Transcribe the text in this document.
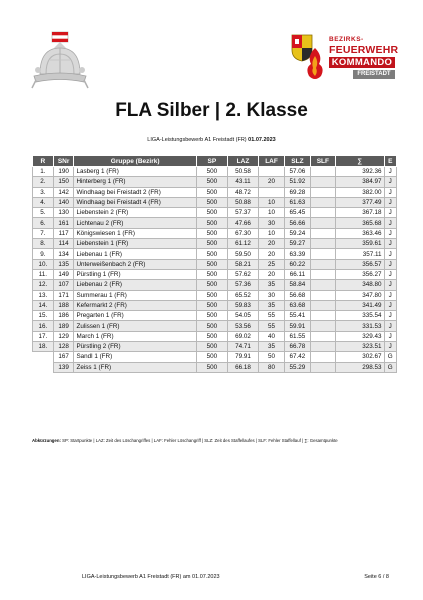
BEZIRKS-
FEUERWEHR
KOMMANDO
FREISTADT
FLA Silber | 2. Klasse
LIGA-Leistungsbewerb A1 Freistadt (FR) 01.07.2023
R	SNr	Gruppe (Bezirk)	SP	LAZ	LAF	SLZ	SLF	∑	E
1.	190	Lasberg 1 (FR)	500	50.58		57.06		392.36	J
2.	150	Hinterberg 1 (FR)	500	43.11	20	51.92		384.97	J
3.	142	Windhaag bei Freistadt 2 (FR)	500	48.72		69.28		382.00	J
4.	140	Windhaag bei Freistadt 4 (FR)	500	50.88	10	61.63		377.49	J
5.	130	Liebenstein 2 (FR)	500	57.37	10	65.45		367.18	J
6.	161	Lichtenau 2 (FR)	500	47.66	30	56.66		365.68	J
7.	117	Königswiesen 1 (FR)	500	67.30	10	59.24		363.46	J
8.	114	Liebenstein 1 (FR)	500	61.12	20	59.27		359.61	J
9.	134	Liebenau 1 (FR)	500	59.50	20	63.39		357.11	J
10.	135	Unterweißenbach 2 (FR)	500	58.21	25	60.22		356.57	J
11.	149	Pürstling 1 (FR)	500	57.62	20	66.11		356.27	J
12.	107	Liebenau 2 (FR)	500	57.36	35	58.84		348.80	J
13.	171	Summerau 1 (FR)	500	65.52	30	56.68		347.80	J
14.	188	Kefermarkt 2 (FR)	500	59.83	35	63.68		341.49	J
15.	186	Pregarten 1 (FR)	500	54.05	55	55.41		335.54	J
16.	189	Zulissen 1 (FR)	500	53.56	55	59.91		331.53	J
17.	129	March 1 (FR)	500	69.02	40	61.55		329.43	J
18.	128	Pürstling 2 (FR)	500	74.71	35	66.78		323.51	J
	167	Sandl 1 (FR)	500	79.91	50	67.42		302.67	G
	139	Zeiss 1 (FR)	500	66.18	80	55.29		298.53	G
Abkürzungen: SP: Startpunkte | LAZ: Zeit des Löschangriffes | LAF: Fehler Löschangriff | SLZ: Zeit des Staffellaufes | SLF: Fehler Staffellauf | ∑: Gesamtpunkte
LIGA-Leistungsbewerb A1 Freistadt (FR) am 01.07.2023	Seite 6 / 8
